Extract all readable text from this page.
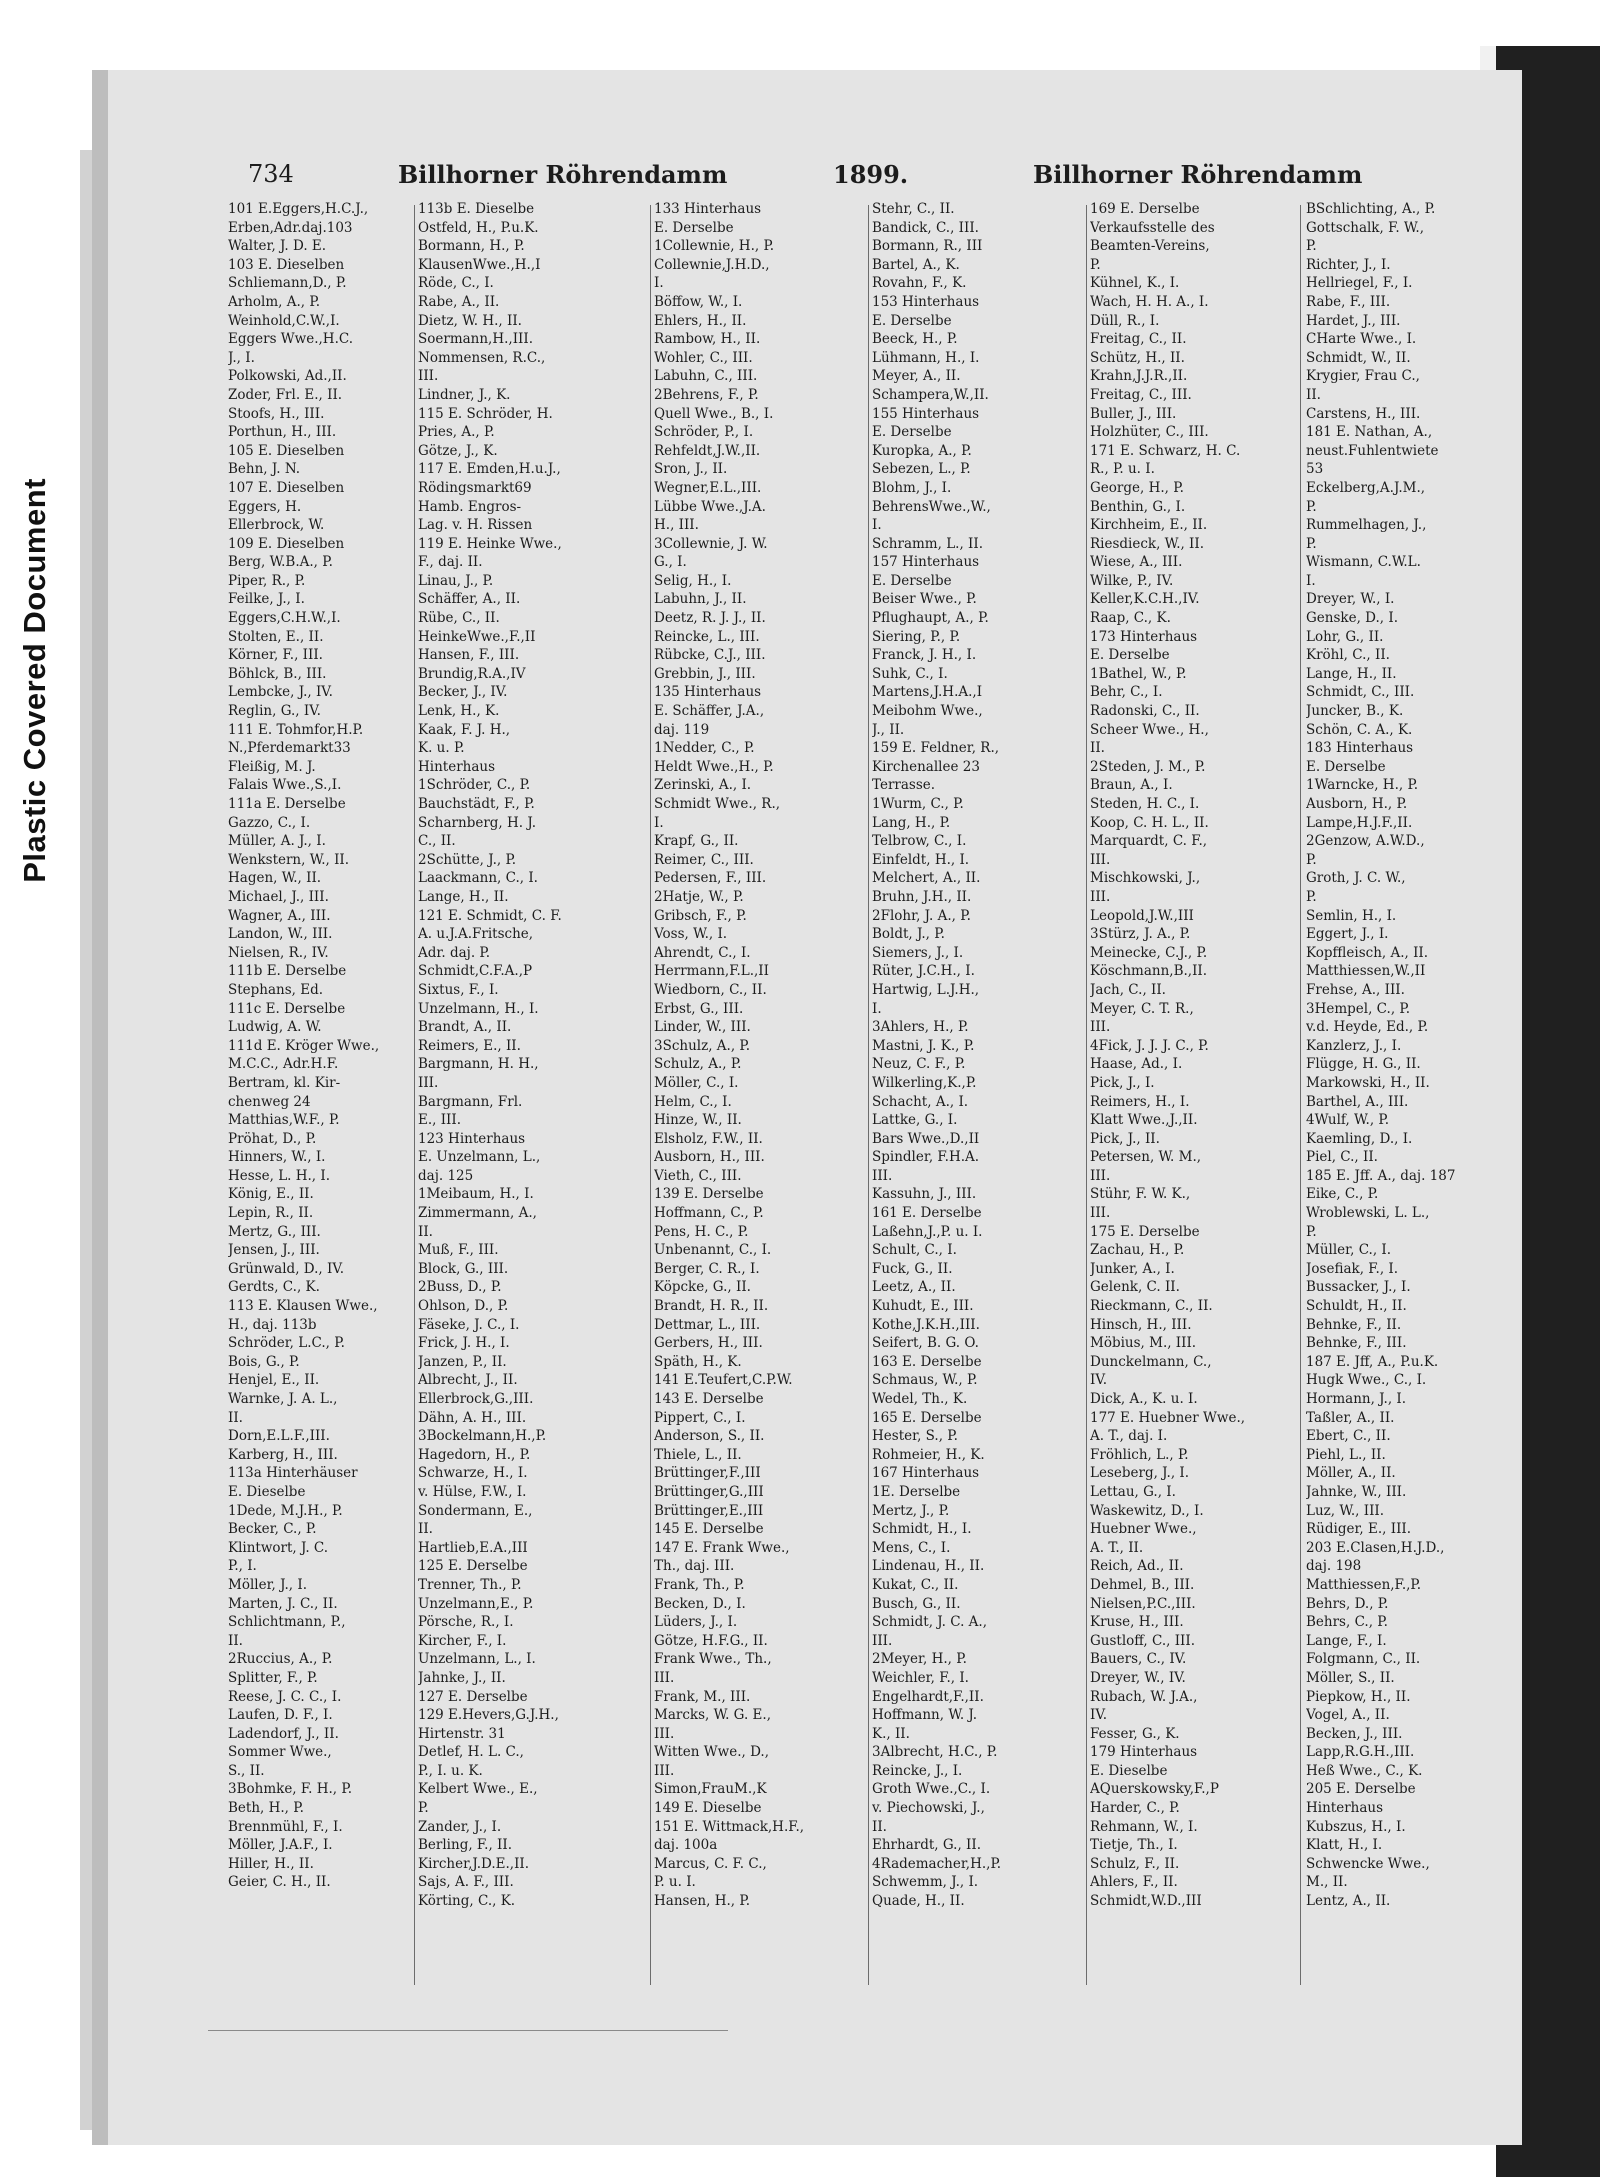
Plastic Covered Document
734	Billhorner Röhrendamm	1899.	Billhorner Röhrendamm
101 E.Eggers,H.C.J.,
Erben,Adr.daj.103
Walter, J. D. E.
103 E. Dieselben
Schliemann,D., P.
Arholm, A., P.
Weinhold,C.W.,I.
Eggers Wwe.,H.C.
J., I.
Polkowski, Ad.,II.
Zoder, Frl. E., II.
Stoofs, H., III.
Porthun, H., III.
105 E. Dieselben
Behn, J. N.
107 E. Dieselben
Eggers, H.
Ellerbrock, W.
109 E. Dieselben
Berg, W.B.A., P.
Piper, R., P.
Feilke, J., I.
Eggers,C.H.W.,I.
Stolten, E., II.
Körner, F., III.
Böhlck, B., III.
Lembcke, J., IV.
Reglin, G., IV.
111 E. Tohmfor,H.P.
N.,Pferdemarkt33
Fleißig, M. J.
Falais Wwe.,S.,I.
111a E. Derselbe
Gazzo, C., I.
Müller, A. J., I.
Wenkstern, W., II.
Hagen, W., II.
Michael, J., III.
Wagner, A., III.
Landon, W., III.
Nielsen, R., IV.
111b E. Derselbe
Stephans, Ed.
111c E. Derselbe
Ludwig, A. W.
111d E. Kröger Wwe.,
M.C.C., Adr.H.F.
Bertram, kl. Kir-
chenweg 24
Matthias,W.F., P.
Pröhat, D., P.
Hinners, W., I.
Hesse, L. H., I.
König, E., II.
Lepin, R., II.
Mertz, G., III.
Jensen, J., III.
Grünwald, D., IV.
Gerdts, C., K.
113 E. Klausen Wwe.,
H., daj. 113b
Schröder, L.C., P.
Bois, G., P.
Henjel, E., II.
Warnke, J. A. L.,
II.
Dorn,E.L.F.,III.
Karberg, H., III.
113a Hinterhäuser
E. Dieselbe
1Dede, M.J.H., P.
Becker, C., P.
Klintwort, J. C.
P., I.
Möller, J., I.
Marten, J. C., II.
Schlichtmann, P.,
II.
2Ruccius, A., P.
Splitter, F., P.
Reese, J. C. C., I.
Laufen, D. F., I.
Ladendorf, J., II.
Sommer Wwe.,
S., II.
3Bohmke, F. H., P.
Beth, H., P.
Brennmühl, F., I.
Möller, J.A.F., I.
Hiller, H., II.
Geier, C. H., II.
113b E. Dieselbe
Ostfeld, H., P.u.K.
Bormann, H., P.
KlausenWwe.,H.,I
Röde, C., I.
Rabe, A., II.
Dietz, W. H., II.
Soermann,H.,III.
Nommensen, R.C.,
III.
Lindner, J., K.
115 E. Schröder, H.
Pries, A., P.
Götze, J., K.
117 E. Emden,H.u.J.,
Rödingsmarkt69
Hamb. Engros-
Lag. v. H. Rissen
119 E. Heinke Wwe.,
F., daj. II.
Linau, J., P.
Schäffer, A., II.
Rübe, C., II.
HeinkeWwe.,F.,II
Hansen, F., III.
Brundig,R.A.,IV
Becker, J., IV.
Lenk, H., K.
Kaak, F. J. H.,
K. u. P.
Hinterhaus
1Schröder, C., P.
Bauchstädt, F., P.
Scharnberg, H. J.
C., II.
2Schütte, J., P.
Laackmann, C., I.
Lange, H., II.
121 E. Schmidt, C. F.
A. u.J.A.Fritsche,
Adr. daj. P.
Schmidt,C.F.A.,P
Sixtus, F., I.
Unzelmann, H., I.
Brandt, A., II.
Reimers, E., II.
Bargmann, H. H.,
III.
Bargmann, Frl.
E., III.
123 Hinterhaus
E. Unzelmann, L.,
daj. 125
1Meibaum, H., I.
Zimmermann, A.,
II.
Muß, F., III.
Block, G., III.
2Buss, D., P.
Ohlson, D., P.
Fäseke, J. C., I.
Frick, J. H., I.
Janzen, P., II.
Albrecht, J., II.
Ellerbrock,G.,III.
Dähn, A. H., III.
3Bockelmann,H.,P.
Hagedorn, H., P.
Schwarze, H., I.
v. Hülse, F.W., I.
Sondermann, E.,
II.
Hartlieb,E.A.,III
125 E. Derselbe
Trenner, Th., P.
Unzelmann,E., P.
Pörsche, R., I.
Kircher, F., I.
Unzelmann, L., I.
Jahnke, J., II.
127 E. Derselbe
129 E.Hevers,G.J.H.,
Hirtenstr. 31
Detlef, H. L. C.,
P., I. u. K.
Kelbert Wwe., E.,
P.
Zander, J., I.
Berling, F., II.
Kircher,J.D.E.,II.
Sajs, A. F., III.
Körting, C., K.
133 Hinterhaus
E. Derselbe
1Collewnie, H., P.
Collewnie,J.H.D.,
I.
Böffow, W., I.
Ehlers, H., II.
Rambow, H., II.
Wohler, C., III.
Labuhn, C., III.
2Behrens, F., P.
Quell Wwe., B., I.
Schröder, P., I.
Rehfeldt,J.W.,II.
Sron, J., II.
Wegner,E.L.,III.
Lübbe Wwe.,J.A.
H., III.
3Collewnie, J. W.
G., I.
Selig, H., I.
Labuhn, J., II.
Deetz, R. J. J., II.
Reincke, L., III.
Rübcke, C.J., III.
Grebbin, J., III.
135 Hinterhaus
E. Schäffer, J.A.,
daj. 119
1Nedder, C., P.
Heldt Wwe.,H., P.
Zerinski, A., I.
Schmidt Wwe., R.,
I.
Krapf, G., II.
Reimer, C., III.
Pedersen, F., III.
2Hatje, W., P.
Gribsch, F., P.
Voss, W., I.
Ahrendt, C., I.
Herrmann,F.L.,II
Wiedborn, C., II.
Erbst, G., III.
Linder, W., III.
3Schulz, A., P.
Schulz, A., P.
Möller, C., I.
Helm, C., I.
Hinze, W., II.
Elsholz, F.W., II.
Ausborn, H., III.
Vieth, C., III.
139 E. Derselbe
Hoffmann, C., P.
Pens, H. C., P.
Unbenannt, C., I.
Berger, C. R., I.
Köpcke, G., II.
Brandt, H. R., II.
Dettmar, L., III.
Gerbers, H., III.
Späth, H., K.
141 E.Teufert,C.P.W.
143 E. Derselbe
Pippert, C., I.
Anderson, S., II.
Thiele, L., II.
Brüttinger,F.,III
Brüttinger,G.,III
Brüttinger,E.,III
145 E. Derselbe
147 E. Frank Wwe.,
Th., daj. III.
Frank, Th., P.
Becken, D., I.
Lüders, J., I.
Götze, H.F.G., II.
Frank Wwe., Th.,
III.
Frank, M., III.
Marcks, W. G. E.,
III.
Witten Wwe., D.,
III.
Simon,FrauM.,K
149 E. Dieselbe
151 E. Wittmack,H.F.,
daj. 100a
Marcus, C. F. C.,
P. u. I.
Hansen, H., P.
Stehr, C., II.
Bandick, C., III.
Bormann, R., III
Bartel, A., K.
Rovahn, F., K.
153 Hinterhaus
E. Derselbe
Beeck, H., P.
Lühmann, H., I.
Meyer, A., II.
Schampera,W.,II.
155 Hinterhaus
E. Derselbe
Kuropka, A., P.
Sebezen, L., P.
Blohm, J., I.
BehrensWwe.,W.,
I.
Schramm, L., II.
157 Hinterhaus
E. Derselbe
Beiser Wwe., P.
Pflughaupt, A., P.
Siering, P., P.
Franck, J. H., I.
Suhk, C., I.
Martens,J.H.A.,I
Meibohm Wwe.,
J., II.
159 E. Feldner, R.,
Kirchenallee 23
Terrasse.
1Wurm, C., P.
Lang, H., P.
Telbrow, C., I.
Einfeldt, H., I.
Melchert, A., II.
Bruhn, J.H., II.
2Flohr, J. A., P.
Boldt, J., P.
Siemers, J., I.
Rüter, J.C.H., I.
Hartwig, L.J.H.,
I.
3Ahlers, H., P.
Mastni, J. K., P.
Neuz, C. F., P.
Wilkerling,K.,P.
Schacht, A., I.
Lattke, G., I.
Bars Wwe.,D.,II
Spindler, F.H.A.
III.
Kassuhn, J., III.
161 E. Derselbe
Laßehn,J.,P. u. I.
Schult, C., I.
Fuck, G., II.
Leetz, A., II.
Kuhudt, E., III.
Kothe,J.K.H.,III.
Seifert, B. G. O.
163 E. Derselbe
Schmaus, W., P.
Wedel, Th., K.
165 E. Derselbe
Hester, S., P.
Rohmeier, H., K.
167 Hinterhaus
1E. Derselbe
Mertz, J., P.
Schmidt, H., I.
Mens, C., I.
Lindenau, H., II.
Kukat, C., II.
Busch, G., II.
Schmidt, J. C. A.,
III.
2Meyer, H., P.
Weichler, F., I.
Engelhardt,F.,II.
Hoffmann, W. J.
K., II.
3Albrecht, H.C., P.
Reincke, J., I.
Groth Wwe.,C., I.
v. Piechowski, J.,
II.
Ehrhardt, G., II.
4Rademacher,H.,P.
Schwemm, J., I.
Quade, H., II.
169 E. Derselbe
Verkaufsstelle des
Beamten-Vereins,
P.
Kühnel, K., I.
Wach, H. H. A., I.
Düll, R., I.
Freitag, C., II.
Schütz, H., II.
Krahn,J.J.R.,II.
Freitag, C., III.
Buller, J., III.
Holzhüter, C., III.
171 E. Schwarz, H. C.
R., P. u. I.
George, H., P.
Benthin, G., I.
Kirchheim, E., II.
Riesdieck, W., II.
Wiese, A., III.
Wilke, P., IV.
Keller,K.C.H.,IV.
Raap, C., K.
173 Hinterhaus
E. Derselbe
1Bathel, W., P.
Behr, C., I.
Radonski, C., II.
Scheer Wwe., H.,
II.
2Steden, J. M., P.
Braun, A., I.
Steden, H. C., I.
Koop, C. H. L., II.
Marquardt, C. F.,
III.
Mischkowski, J.,
III.
Leopold,J.W.,III
3Stürz, J. A., P.
Meinecke, C.J., P.
Köschmann,B.,II.
Jach, C., II.
Meyer, C. T. R.,
III.
4Fick, J. J. J. C., P.
Haase, Ad., I.
Pick, J., I.
Reimers, H., I.
Klatt Wwe.,J.,II.
Pick, J., II.
Petersen, W. M.,
III.
Stühr, F. W. K.,
III.
175 E. Derselbe
Zachau, H., P.
Junker, A., I.
Gelenk, C. II.
Rieckmann, C., II.
Hinsch, H., III.
Möbius, M., III.
Dunckelmann, C.,
IV.
Dick, A., K. u. I.
177 E. Huebner Wwe.,
A. T., daj. I.
Fröhlich, L., P.
Leseberg, J., I.
Lettau, G., I.
Waskewitz, D., I.
Huebner Wwe.,
A. T., II.
Reich, Ad., II.
Dehmel, B., III.
Nielsen,P.C.,III.
Kruse, H., III.
Gustloff, C., III.
Bauers, C., IV.
Dreyer, W., IV.
Rubach, W. J.A.,
IV.
Fesser, G., K.
179 Hinterhaus
E. Dieselbe
AQuerskowsky,F.,P
Harder, C., P.
Rehmann, W., I.
Tietje, Th., I.
Schulz, F., II.
Ahlers, F., II.
Schmidt,W.D.,III
BSchlichting, A., P.
Gottschalk, F. W.,
P.
Richter, J., I.
Hellriegel, F., I.
Rabe, F., III.
Hardet, J., III.
CHarte Wwe., I.
Schmidt, W., II.
Krygier, Frau C.,
II.
Carstens, H., III.
181 E. Nathan, A.,
neust.Fuhlentwiete
53
Eckelberg,A.J.M.,
P.
Rummelhagen, J.,
P.
Wismann, C.W.L.
I.
Dreyer, W., I.
Genske, D., I.
Lohr, G., II.
Kröhl, C., II.
Lange, H., II.
Schmidt, C., III.
Juncker, B., K.
Schön, C. A., K.
183 Hinterhaus
E. Derselbe
1Warncke, H., P.
Ausborn, H., P.
Lampe,H.J.F.,II.
2Genzow, A.W.D.,
P.
Groth, J. C. W.,
P.
Semlin, H., I.
Eggert, J., I.
Kopffleisch, A., II.
Matthiessen,W.,II
Frehse, A., III.
3Hempel, C., P.
v.d. Heyde, Ed., P.
Kanzlerz, J., I.
Flügge, H. G., II.
Markowski, H., II.
Barthel, A., III.
4Wulf, W., P.
Kaemling, D., I.
Piel, C., II.
185 E. Jff. A., daj. 187
Eike, C., P.
Wroblewski, L. L.,
P.
Müller, C., I.
Josefiak, F., I.
Bussacker, J., I.
Schuldt, H., II.
Behnke, F., II.
Behnke, F., III.
187 E. Jff, A., P.u.K.
Hugk Wwe., C., I.
Hormann, J., I.
Taßler, A., II.
Ebert, C., II.
Piehl, L., II.
Möller, A., II.
Jahnke, W., III.
Luz, W., III.
Rüdiger, E., III.
203 E.Clasen,H.J.D.,
daj. 198
Matthiessen,F.,P.
Behrs, D., P.
Behrs, C., P.
Lange, F., I.
Folgmann, C., II.
Möller, S., II.
Piepkow, H., II.
Vogel, A., II.
Becken, J., III.
Lapp,R.G.H.,III.
Heß Wwe., C., K.
205 E. Derselbe
Hinterhaus
Kubszus, H., I.
Klatt, H., I.
Schwencke Wwe.,
M., II.
Lentz, A., II.
